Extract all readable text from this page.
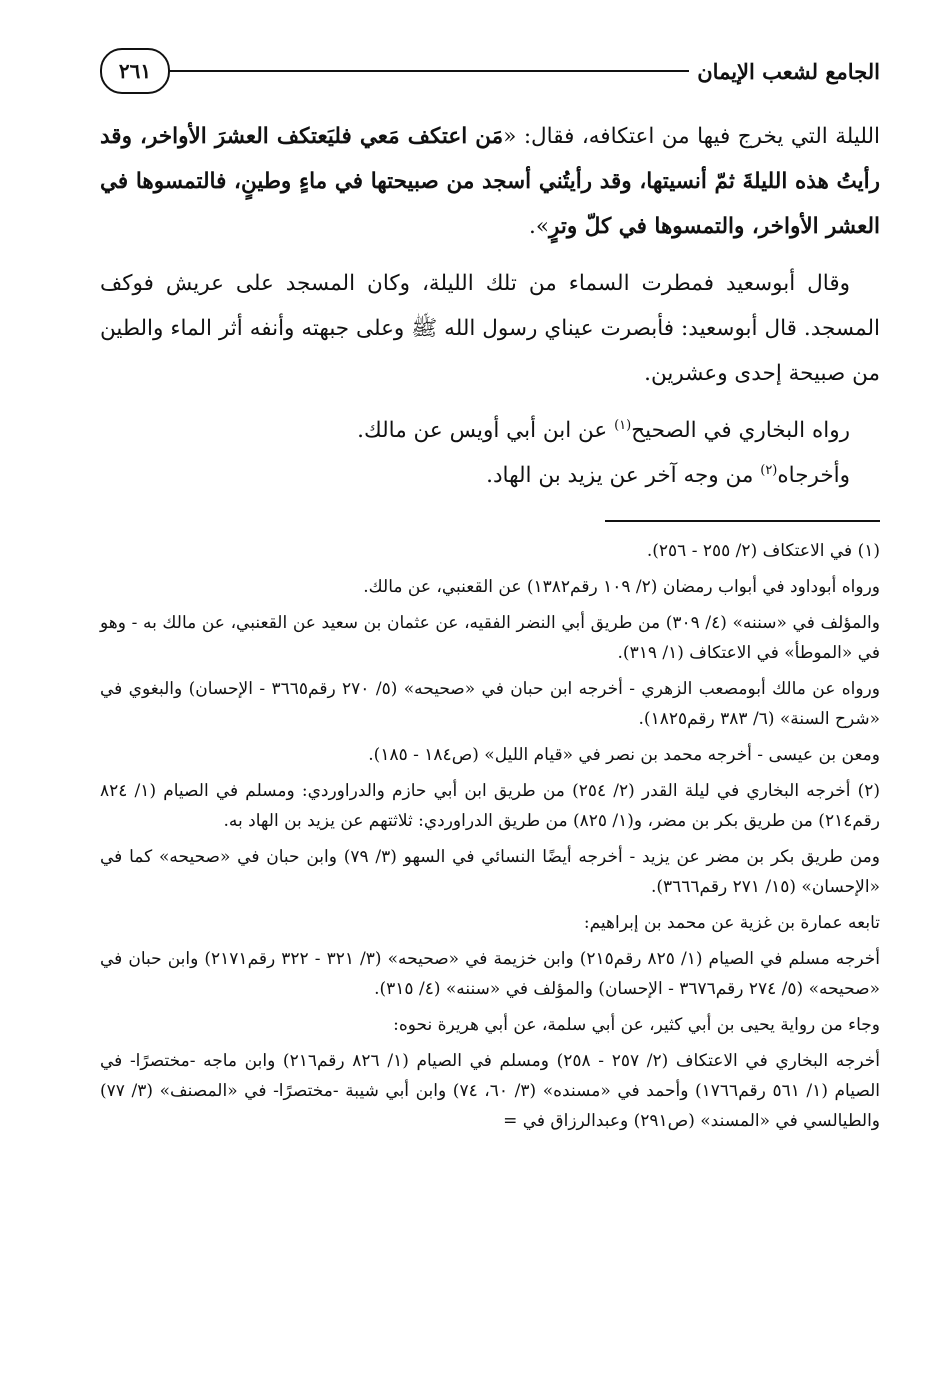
الجامع لشعب الإيمان
٢٦١

الليلة التي يخرج فيها من اعتكافه، فقال: «مَن اعتكف مَعي فليَعتكف العشرَ الأواخر، وقد رأيتُ هذه الليلةَ ثمّ أنسيتها، وقد رأيتُني أسجد من صبيحتها في ماءٍ وطينٍ، فالتمسوها في العشر الأواخر، والتمسوها في كلّ وترٍ».

وقال أبوسعيد فمطرت السماء من تلك الليلة، وكان المسجد على عريش فوكف المسجد. قال أبوسعيد: فأبصرت عيناي رسول الله ﷺ وعلى جبهته وأنفه أثر الماء والطين من صبيحة إحدى وعشرين.

رواه البخاري في الصحيح$^{(١)}$ عن ابن أبي أويس عن مالك.

وأخرجاه$^{(٢)}$ من وجه آخر عن يزيد بن الهاد.

(١) في الاعتكاف (٢/ ٢٥٥ - ٢٥٦).

ورواه أبوداود في أبواب رمضان (٢/ ١٠٩ رقم١٣٨٢) عن القعنبي، عن مالك.

والمؤلف في «سننه» (٤/ ٣٠٩) من طريق أبي النضر الفقيه، عن عثمان بن سعيد عن القعنبي، عن مالك به - وهو في «الموطأ» في الاعتكاف (١/ ٣١٩).

ورواه عن مالك أبومصعب الزهري - أخرجه ابن حبان في «صحيحه» (٥/ ٢٧٠ رقم٣٦٦٥ - الإحسان) والبغوي في «شرح السنة» (٦/ ٣٨٣ رقم١٨٢٥).

ومعن بن عيسى - أخرجه محمد بن نصر في «قيام الليل» (ص١٨٤ - ١٨٥).

(٢) أخرجه البخاري في ليلة القدر (٢/ ٢٥٤) من طريق ابن أبي حازم والدراوردي: ومسلم في الصيام (١/ ٨٢٤ رقم٢١٤) من طريق بكر بن مضر، و(١/ ٨٢٥) من طريق الدراوردي: ثلاثتهم عن يزيد بن الهاد به.

ومن طريق بكر بن مضر عن يزيد - أخرجه أيضًا النسائي في السهو (٣/ ٧٩) وابن حبان في «صحيحه» كما في «الإحسان» (١٥/ ٢٧١ رقم٣٦٦٦).

تابعه عمارة بن غزية عن محمد بن إبراهيم:

أخرجه مسلم في الصيام (١/ ٨٢٥ رقم٢١٥) وابن خزيمة في «صحيحه» (٣/ ٣٢١ - ٣٢٢ رقم٢١٧١) وابن حبان في «صحيحه» (٥/ ٢٧٤ رقم٣٦٧٦ - الإحسان) والمؤلف في «سننه» (٤/ ٣١٥).

وجاء من رواية يحيى بن أبي كثير، عن أبي سلمة، عن أبي هريرة نحوه:

أخرجه البخاري في الاعتكاف (٢/ ٢٥٧ - ٢٥٨) ومسلم في الصيام (١/ ٨٢٦ رقم٢١٦) وابن ماجه -مختصرًا- في الصيام (١/ ٥٦١ رقم١٧٦٦) وأحمد في «مسنده» (٣/ ٦٠، ٧٤) وابن أبي شيبة -مختصرًا- في «المصنف» (٣/ ٧٧) والطيالسي في «المسند» (ص٢٩١) وعبدالرزاق في =
